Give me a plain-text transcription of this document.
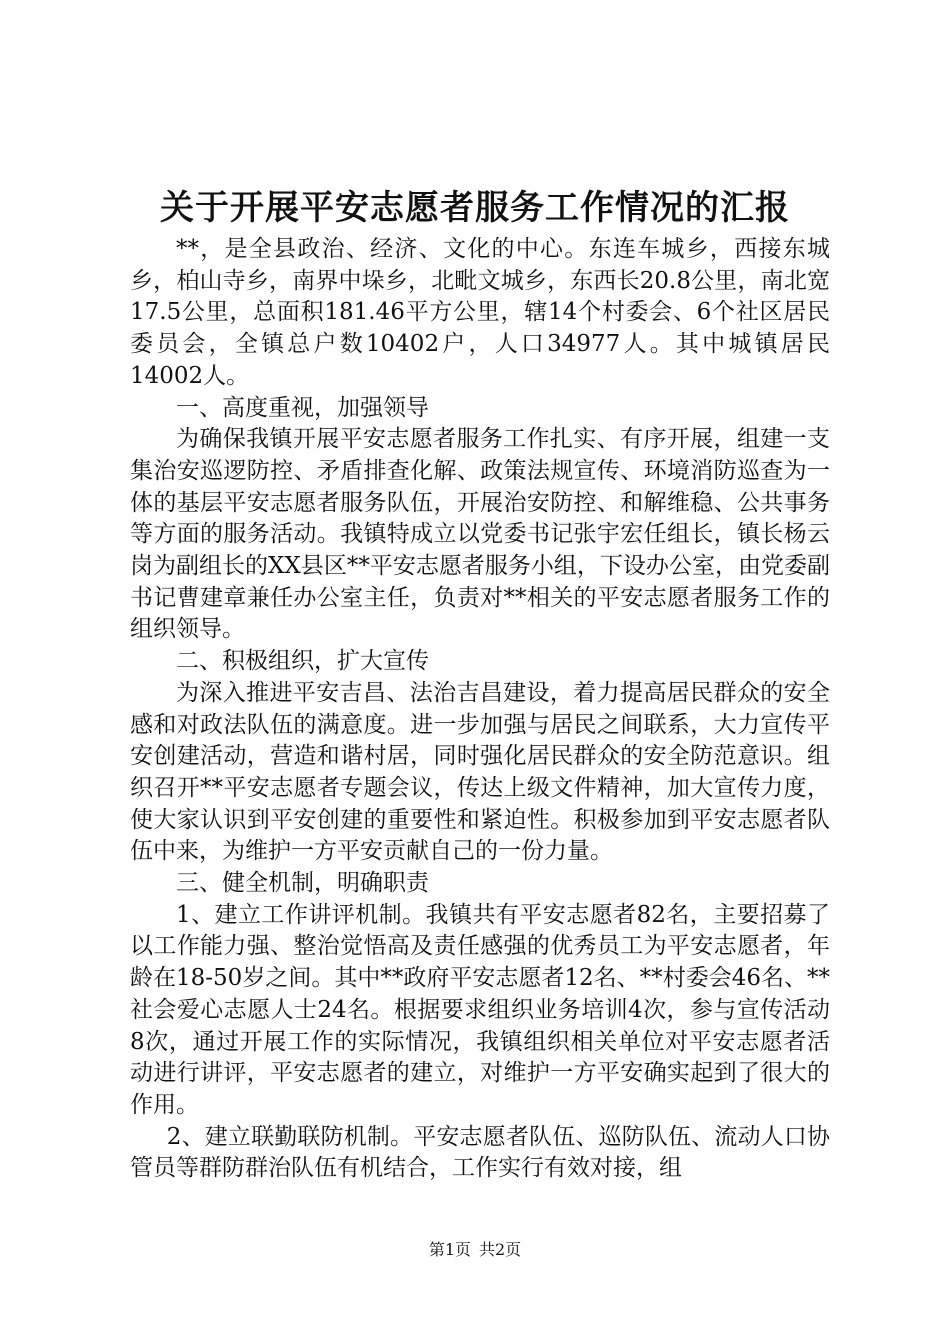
关于开展平安志愿者服务工作情况的汇报

**，是全县政治、经济、文化的中心。东连车城乡，西接东城乡，柏山寺乡，南界中垛乡，北毗文城乡，东西长20.8公里，南北宽17.5公里，总面积181.46平方公里，辖14个村委会、6个社区居民委员会，全镇总户数10402户，人口34977人。其中城镇居民14002人。

一、高度重视，加强领导

为确保我镇开展平安志愿者服务工作扎实、有序开展，组建一支集治安巡逻防控、矛盾排查化解、政策法规宣传、环境消防巡查为一体的基层平安志愿者服务队伍，开展治安防控、和解维稳、公共事务等方面的服务活动。我镇特成立以党委书记张宇宏任组长，镇长杨云岗为副组长的XX县区**平安志愿者服务小组，下设办公室，由党委副书记曹建章兼任办公室主任，负责对**相关的平安志愿者服务工作的组织领导。

二、积极组织，扩大宣传

为深入推进平安吉昌、法治吉昌建设，着力提高居民群众的安全感和对政法队伍的满意度。进一步加强与居民之间联系，大力宣传平安创建活动，营造和谐村居，同时强化居民群众的安全防范意识。组织召开**平安志愿者专题会议，传达上级文件精神，加大宣传力度，使大家认识到平安创建的重要性和紧迫性。积极参加到平安志愿者队伍中来，为维护一方平安贡献自己的一份力量。

三、健全机制，明确职责

1、建立工作讲评机制。我镇共有平安志愿者82名，主要招募了以工作能力强、整治觉悟高及责任感强的优秀员工为平安志愿者，年龄在18-50岁之间。其中**政府平安志愿者12名、**村委会46名、**社会爱心志愿人士24名。根据要求组织业务培训4次，参与宣传活动8次，通过开展工作的实际情况，我镇组织相关单位对平安志愿者活动进行讲评，平安志愿者的建立，对维护一方平安确实起到了很大的作用。

2、建立联勤联防机制。平安志愿者队伍、巡防队伍、流动人口协管员等群防群治队伍有机结合，工作实行有效对接，组

第1页 共2页
